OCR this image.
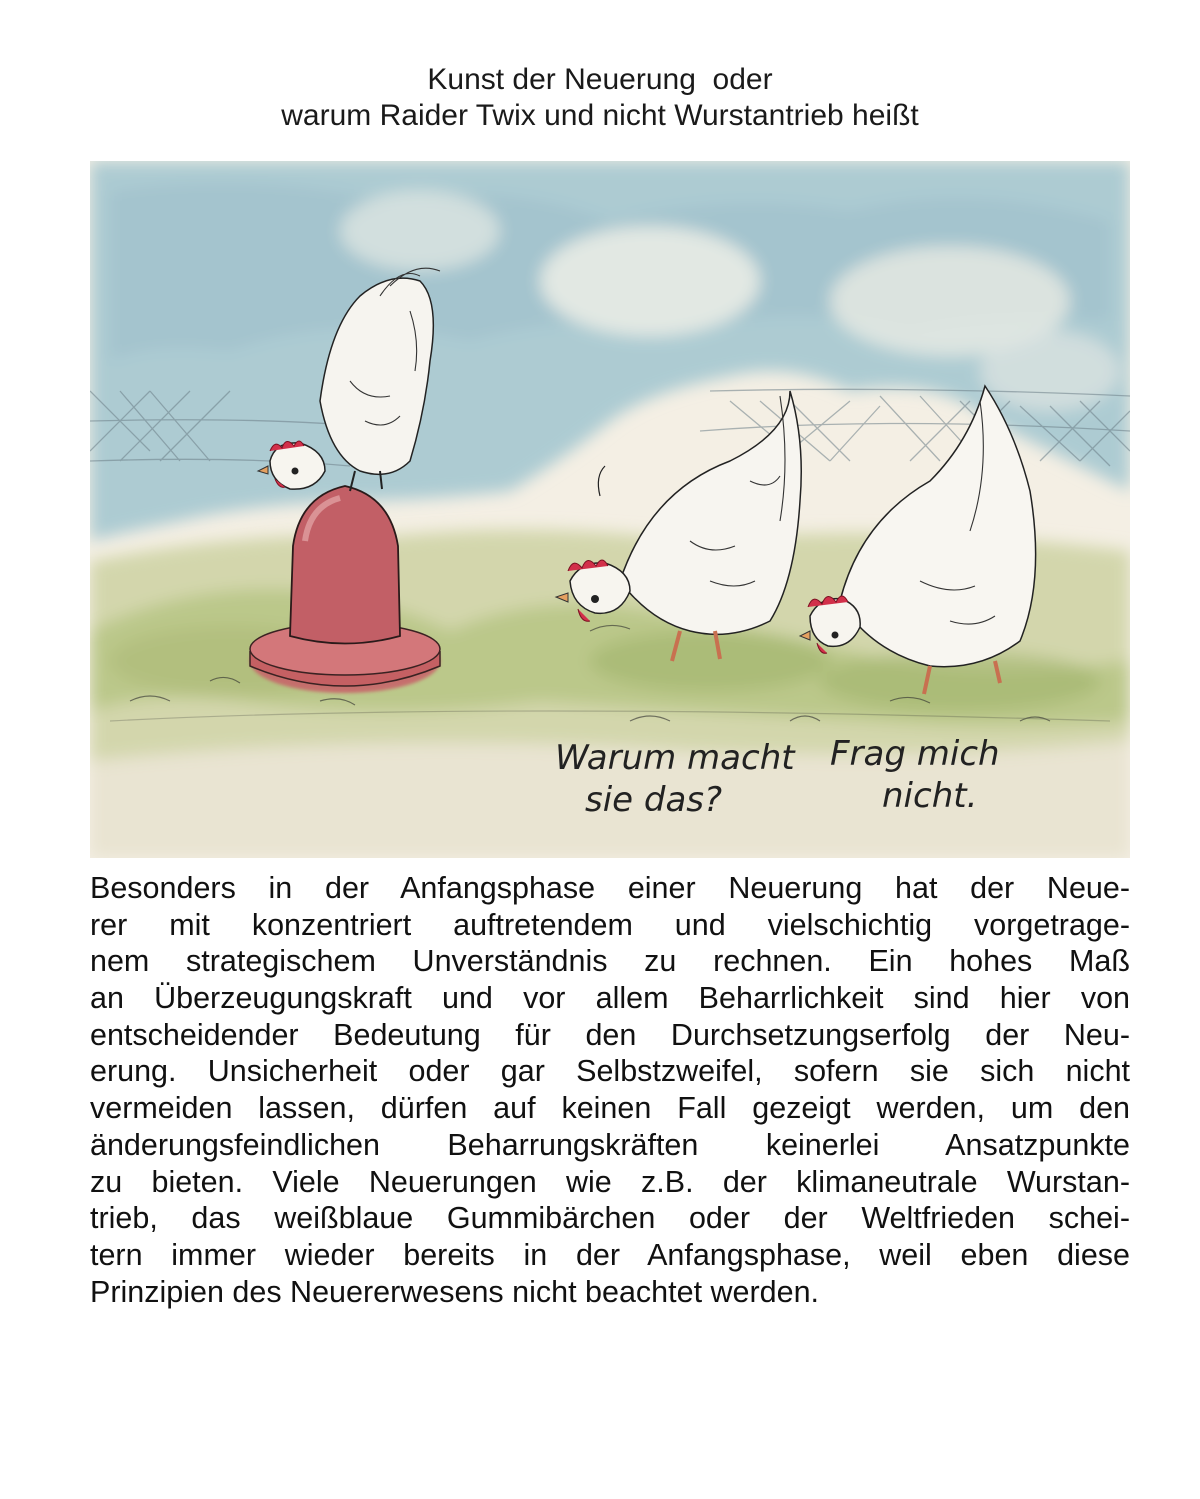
Kunst der Neuerung  oder
warum Raider Twix und nicht Wurstantrieb heißt
Warum macht
sie das?
Frag mich
nicht.
Besonders in der Anfangsphase einer Neuerung hat der Neue-
rer mit konzentriert auftretendem und vielschichtig vorgetrage-
nem strategischem Unverständnis zu rechnen. Ein hohes Maß
an Überzeugungskraft und vor allem Beharrlichkeit sind hier von
entscheidender Bedeutung für den Durchsetzungserfolg der Neu-
erung. Unsicherheit oder gar Selbstzweifel, sofern sie sich nicht
vermeiden lassen, dürfen auf keinen Fall gezeigt werden, um den
änderungsfeindlichen Beharrungskräften keinerlei Ansatzpunkte
zu bieten. Viele Neuerungen wie z.B. der klimaneutrale Wurstan-
trieb, das weißblaue Gummibärchen oder der Weltfrieden schei-
tern immer wieder bereits in der Anfangsphase, weil eben diese
Prinzipien des Neuererwesens nicht beachtet werden.
